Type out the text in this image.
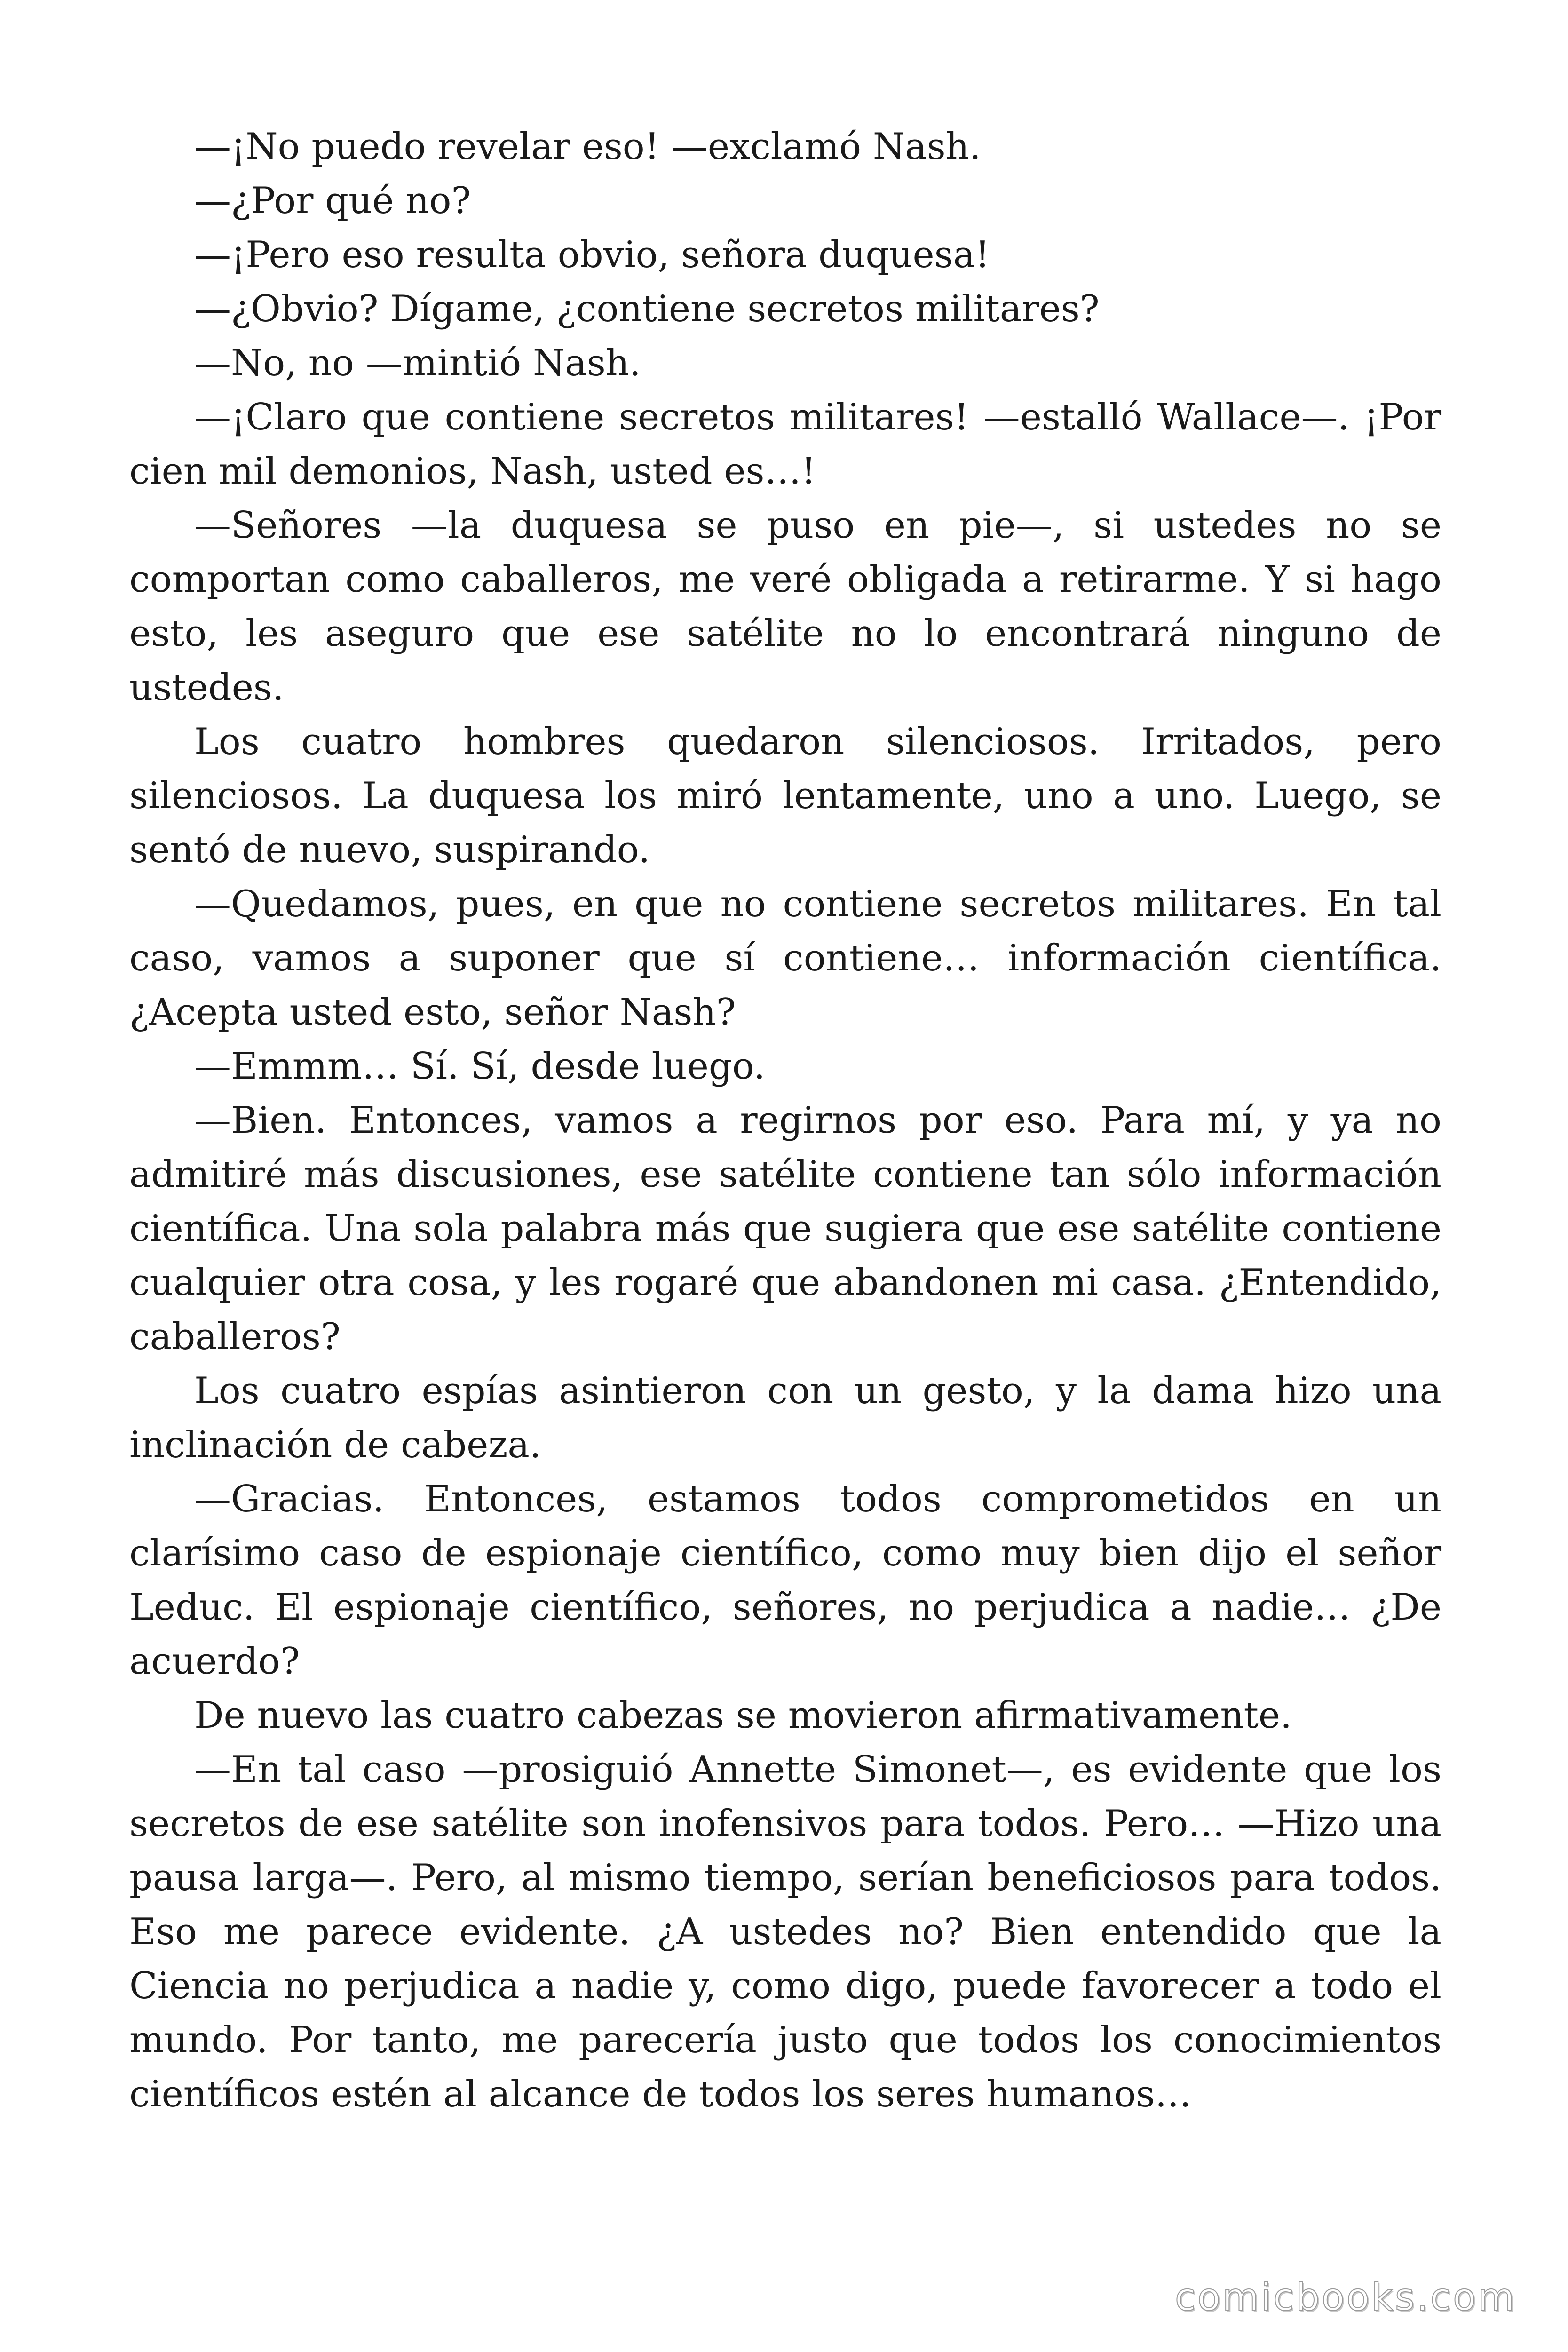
—¡No puedo revelar eso! —exclamó Nash.

—¿Por qué no?

—¡Pero eso resulta obvio, señora duquesa!

—¿Obvio? Dígame, ¿contiene secretos militares?

—No, no —mintió Nash.

—¡Claro que contiene secretos militares! —estalló Wallace—. ¡Por cien mil demonios, Nash, usted es…!

—Señores —la duquesa se puso en pie—, si ustedes no se comportan como caballeros, me veré obligada a retirarme. Y si hago esto, les aseguro que ese satélite no lo encontrará ninguno de ustedes.

Los cuatro hombres quedaron silenciosos. Irritados, pero silenciosos. La duquesa los miró lentamente, uno a uno. Luego, se sentó de nuevo, suspirando.

—Quedamos, pues, en que no contiene secretos militares. En tal caso, vamos a suponer que sí contiene… información científica. ¿Acepta usted esto, señor Nash?

—Emmm… Sí. Sí, desde luego.

—Bien. Entonces, vamos a regirnos por eso. Para mí, y ya no admitiré más discusiones, ese satélite contiene tan sólo información científica. Una sola palabra más que sugiera que ese satélite contiene cualquier otra cosa, y les rogaré que abandonen mi casa. ¿Entendido, caballeros?

Los cuatro espías asintieron con un gesto, y la dama hizo una inclinación de cabeza.

—Gracias. Entonces, estamos todos comprometidos en un clarísimo caso de espionaje científico, como muy bien dijo el señor Leduc. El espionaje científico, señores, no perjudica a nadie… ¿De acuerdo?

De nuevo las cuatro cabezas se movieron afirmativamente.

—En tal caso —prosiguió Annette Simonet—, es evidente que los secretos de ese satélite son inofensivos para todos. Pero… —Hizo una pausa larga—. Pero, al mismo tiempo, serían beneficiosos para todos. Eso me parece evidente. ¿A ustedes no? Bien entendido que la Ciencia no perjudica a nadie y, como digo, puede favorecer a todo el mundo. Por tanto, me parecería justo que todos los conocimientos científicos estén al alcance de todos los seres humanos…

comicbooks.com
